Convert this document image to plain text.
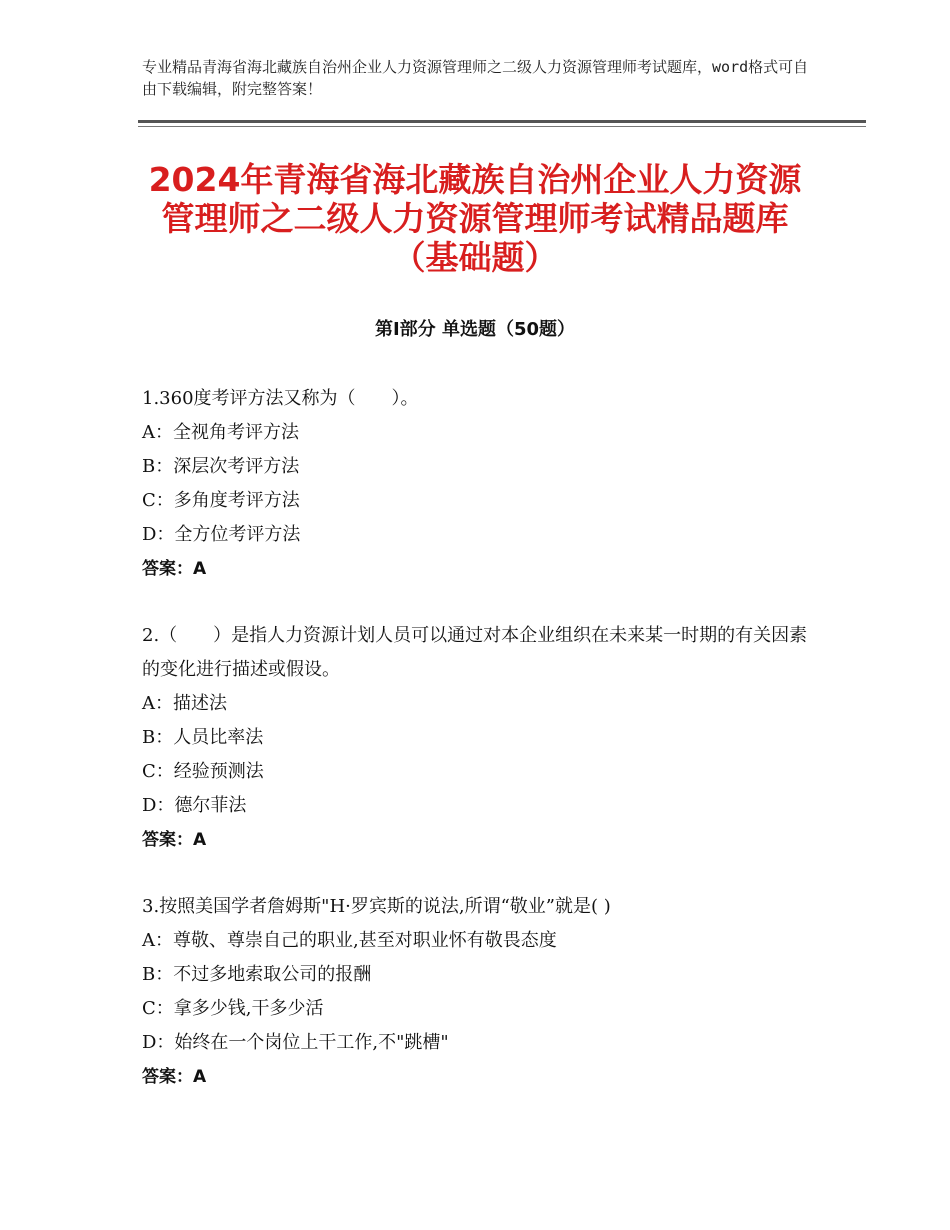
专业精品青海省海北藏族自治州企业人力资源管理师之二级人力资源管理师考试题库，word格式可自由下载编辑，附完整答案！
2024年青海省海北藏族自治州企业人力资源
管理师之二级人力资源管理师考试精品题库
（基础题）
第Ⅰ部分 单选题（50题）
1.360度考评方法又称为（　　）。
A：全视角考评方法
B：深层次考评方法
C：多角度考评方法
D：全方位考评方法
答案：A
2.（　　）是指人力资源计划人员可以通过对本企业组织在未来某一时期的有关因素的变化进行描述或假设。
A：描述法
B：人员比率法
C：经验预测法
D：德尔菲法
答案：A
3.按照美国学者詹姆斯"H·罗宾斯的说法,所谓“敬业”就是( )
A：尊敬、尊崇自己的职业,甚至对职业怀有敬畏态度
B：不过多地索取公司的报酬
C：拿多少钱,干多少活
D：始终在一个岗位上干工作,不"跳槽"
答案：A
